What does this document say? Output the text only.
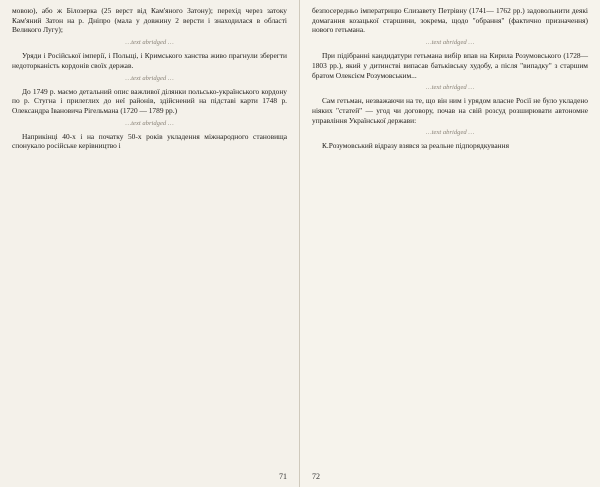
мовою), або ж Білозерка (25 верст від Кам'яного Затону); перехід через затоку Кам'яний Затон на р. Дніпро (мала у довжину 2 версти і знаходилася в області Великого Лугу);

… text abridged …

Уряди і Російської імперії, і Польщі, і Кримського ханства живо прагнули зберегти недоторканість кордонів своїх держав.

… text abridged …

До 1749 р. маємо детальний опис важливої ділянки польсько-українського кордону по р. Стугна і прилеглих до неї районів, здійснений на підставі карти 1748 р. Олександра Івановича Рігельмана (1720 — 1789 рр.)

… text abridged …

Наприкінці 40-х і на початку 50-х років укладення міжнародного становища спонукало російське керівництво і

71

безпосередньо імператрицю Єлизавету Петрівну (1741— 1762 рр.) задовольнити деякі домагання козацької старшини, зокрема, щодо "обрання" (фактично призначення) нового гетьмана.

… text abridged …

При підібранні кандидатури гетьмана вибір впав на Кирила Розумовського (1728— 1803 рр.), який у дитинстві випасав батьківську худобу, а після "випадку" з старшим братом Олексієм Розумовським...

… text abridged …

Сам гетьман, незважаючи на те, що він ним і урядом власне Росії не було укладено ніяких "статей" — угод чи договору, почав на свій розсуд розширювати автономне управління Української держави:

… text abridged …

К.Розумовський відразу взявся за реальне підпорядкування

72
